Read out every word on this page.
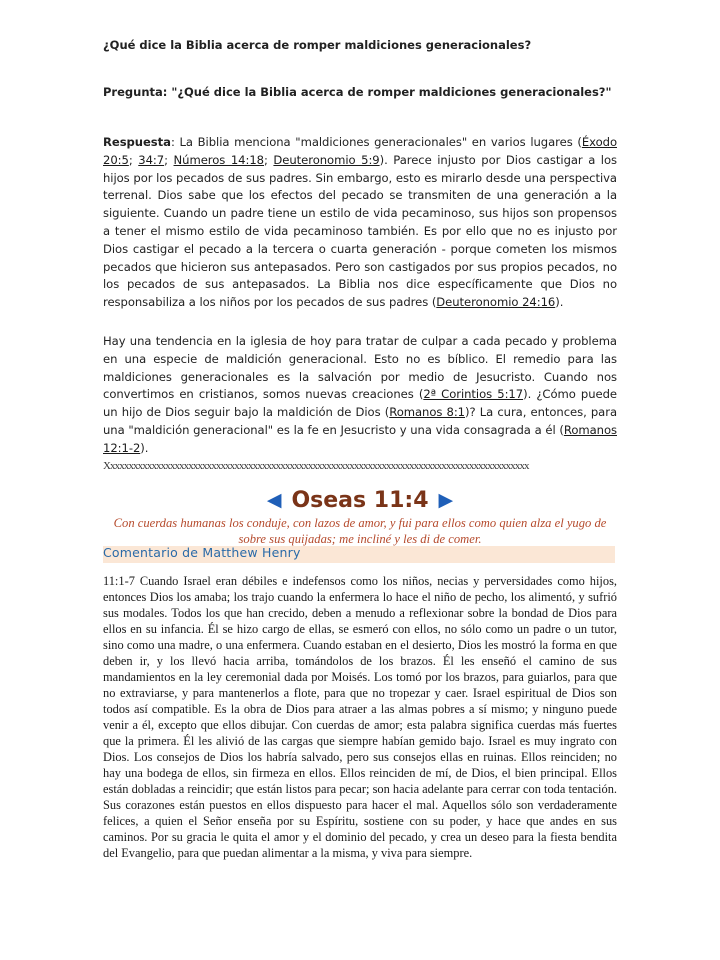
¿Qué dice la Biblia acerca de romper maldiciones generacionales?
Pregunta: "¿Qué dice la Biblia acerca de romper maldiciones generacionales?"
Respuesta: La Biblia menciona "maldiciones generacionales" en varios lugares (Éxodo 20:5; 34:7; Números 14:18; Deuteronomio 5:9). Parece injusto por Dios castigar a los hijos por los pecados de sus padres. Sin embargo, esto es mirarlo desde una perspectiva terrenal. Dios sabe que los efectos del pecado se transmiten de una generación a la siguiente. Cuando un padre tiene un estilo de vida pecaminoso, sus hijos son propensos a tener el mismo estilo de vida pecaminoso también. Es por ello que no es injusto por Dios castigar el pecado a la tercera o cuarta generación - porque cometen los mismos pecados que hicieron sus antepasados. Pero son castigados por sus propios pecados, no los pecados de sus antepasados. La Biblia nos dice específicamente que Dios no responsabiliza a los niños por los pecados de sus padres (Deuteronomio 24:16).
Hay una tendencia en la iglesia de hoy para tratar de culpar a cada pecado y problema en una especie de maldición generacional. Esto no es bíblico. El remedio para las maldiciones generacionales es la salvación por medio de Jesucristo. Cuando nos convertimos en cristianos, somos nuevas creaciones (2ª Corintios 5:17). ¿Cómo puede un hijo de Dios seguir bajo la maldición de Dios (Romanos 8:1)? La cura, entonces, para una "maldición generacional" es la fe en Jesucristo y una vida consagrada a él (Romanos 12:1-2).
Xxxxxxxxxxxxxxxxxxxxxxxxxxxxxxxxxxxxxxxxxxxxxxxxxxxxxxxxxxxxxxxxxxxxxxxxxxxxxxxxxxxxxxxxxxxx
◀ Oseas 11:4 ▶
Con cuerdas humanas los conduje, con lazos de amor, y fui para ellos como quien alza el yugo de sobre sus quijadas; me incliné y les di de comer.
Comentario de Matthew Henry
11:1-7 Cuando Israel eran débiles e indefensos como los niños, necias y perversidades como hijos, entonces Dios los amaba; los trajo cuando la enfermera lo hace el niño de pecho, los alimentó, y sufrió sus modales. Todos los que han crecido, deben a menudo a reflexionar sobre la bondad de Dios para ellos en su infancia. Él se hizo cargo de ellas, se esmeró con ellos, no sólo como un padre o un tutor, sino como una madre, o una enfermera. Cuando estaban en el desierto, Dios les mostró la forma en que deben ir, y los llevó hacia arriba, tomándolos de los brazos. Él les enseñó el camino de sus mandamientos en la ley ceremonial dada por Moisés. Los tomó por los brazos, para guiarlos, para que no extraviarse, y para mantenerlos a flote, para que no tropezar y caer. Israel espiritual de Dios son todos así compatible. Es la obra de Dios para atraer a las almas pobres a sí mismo; y ninguno puede venir a él, excepto que ellos dibujar. Con cuerdas de amor; esta palabra significa cuerdas más fuertes que la primera. Él les alivió de las cargas que siempre habían gemido bajo. Israel es muy ingrato con Dios. Los consejos de Dios los habría salvado, pero sus consejos ellas en ruinas. Ellos reinciden; no hay una bodega de ellos, sin firmeza en ellos. Ellos reinciden de mí, de Dios, el bien principal. Ellos están dobladas a reincidir; que están listos para pecar; son hacia adelante para cerrar con toda tentación. Sus corazones están puestos en ellos dispuesto para hacer el mal. Aquellos sólo son verdaderamente felices, a quien el Señor enseña por su Espíritu, sostiene con su poder, y hace que andes en sus caminos. Por su gracia le quita el amor y el dominio del pecado, y crea un deseo para la fiesta bendita del Evangelio, para que puedan alimentar a la misma, y viva para siempre.
